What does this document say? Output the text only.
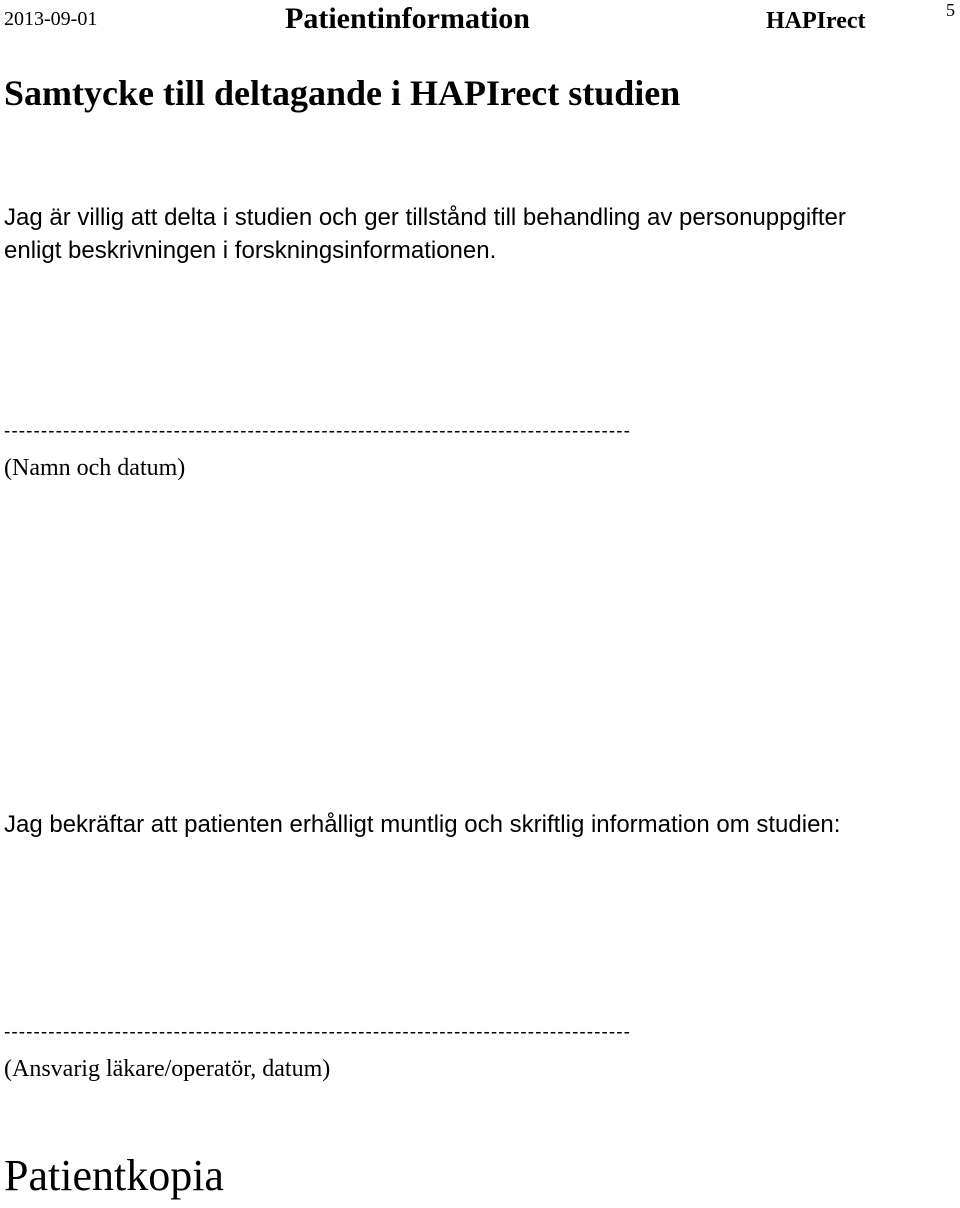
2013-09-01	Patientinformation	HAPIrect	5
Samtycke till deltagande i HAPIrect studien
Jag är villig att delta i studien och ger tillstånd till behandling av personuppgifter enligt beskrivningen i forskningsinformationen.
-------------------------------------------------------------------------------------
(Namn och datum)
Jag bekräftar att patienten erhålligt muntlig och skriftlig information om studien:
-------------------------------------------------------------------------------------
(Ansvarig läkare/operatör, datum)
Patientkopia
